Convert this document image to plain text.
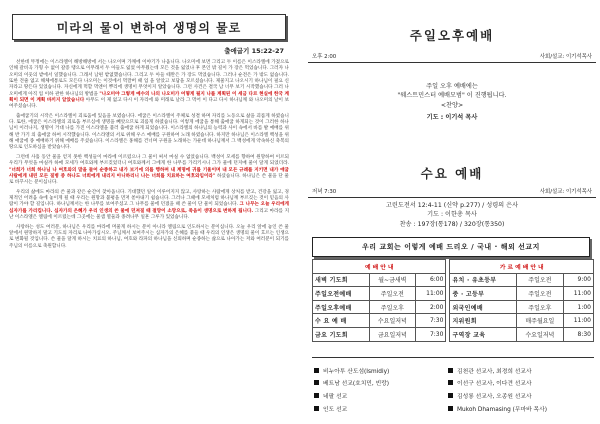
미라의 물이 변하여 생명의 물로
출애굽기 15:22-27

선한데 뚜껑에는 이스라엘이 해방해방에 서는 나오이며 가께에 이야기가 나옵니다. 나오미에 보면 그리고 두 이름은 이스라엘에 가졌으로 인해 갈비곡 가형 수 없이 갈증 땡으로 이무래서 두 아들도 잃었 아무웠는데 모든 것을 잃었나 후 본인 밖 길이 가 장은 먹었습니다. 그러자 나오미의 이웃의 밭에서 일했습니다. 그래서 남편 밭없했습니다. 그리고 두 아들 떼완은 가 장도 먹었습니다. 그러나 순전은 가 밖도 없습니다. 또한 견줄 없고 해체에통로도 모든다 나오미는 이것에서 먹깔버 때 업 을 알았고 보답을 모르셨습니다. 제물지고 나오시기 하나님이 필요 신자라고 땅든다 있었습니다. 자신에게 먹할 먹엔이 뿌리에 생명이 무엇이지 알았습니다. 그런 사건은 결국 남 너무 보기 시작했습니다 그러 나오미에게 아직 업 이하 관한 하나님의 방법을 "나오미야 그렇게 예수의 나의 나오미가 어떻게 될지 나를 계획된 이 세금 다르 현실에 한국 계획이 되면 이 계획 바끼지 알았습니다 아무도 이 제 없고 다시 이 자리에 와 미래로 날라 그 먹어 이 다고 다시 하나님께 와 나오미의 날이 보여주셨습니다.

출애굽기의 시작은 이스라엘이 괴로움에 있음을 보였습니다. 에굽은 이스라엘이 주체로 성결 하며 자리를 노동으로 삶을 괴롭게 하였습니다. 또한, 에굽은 이스라엘의 괴로움 부르심에 생명을 빼앗으므로 괴롭게 하였습니다. 이렇게 에굽을 통해 출애굽 하게되는 것이 그러한 하나님이 이러나지, 생명이 거대 나를 가진 이스라엘을 불러 출애굽 하게 되었습니다. 이스라엘의 하나님의 능력과 사이 속에서 바를 발 예배를 위해 반 가기 의 출애굽 하여 시작했습니다. 이스라엘의 서로 위해 우스 예배를 구원하여 노래 하였습니다. 하지만 하나님은 이스라엘 백성을 위해 애굽에 종 예배하기 위해 예배를 주셨습니다. 이스라엘은 홍해를 건너며 구원을 노래하는 가운데 하나님께서 그 백성에게 약속하신 축복의 땅으로 인도하심을 받았습니다.

그런데 사흘 동안 물을 얻지 못한 백성들이 마라에 이르렀으나 그 물이 써서 마실 수 없었습니다. 백성이 모세를 향하여 원망하여 이르되 우리가 무엇을 마실까 하매 모세가 여호와께 부르짖었더니 여호와께서 그에게 한 나무를 가리키시니 그가 물에 던지매 물이 달게 되었더라. "너희가 너희 하나님 나 여호와의 말을 들어 순종하고 내가 보기에 의를 행하며 내 계명에 귀를 기울이며 내 모든 규례를 지키면 내가 애굽 사람에게 내린 모든 질병 중 하나도 너희에게 내리지 아니하리니 나는 너희를 치료하는 여호와임이라" 하셨습니다. 하나님은 쓴 물을 단 물로 바꾸시는 분이십니다.

우리의 삶에도 마라의 쓴 물과 같은 순간이 찾아옵니다. 기대했던 일이 이루어지지 않고, 사랑하는 사람에게 상처를 받고, 건강을 잃고, 경제적인 어려움 속에 놓이게 될 때 우리는 원망과 불평을 먼저 쏟아내기 쉽습니다. 그러나 그때에 모세처럼 하나님께 부르짖는 것이 믿음의 사람이 가야 할 길입니다. 하나님께서는 한 나무를 보여주셨고 그 나무를 물에 던졌을 때 쓴 물이 단 물이 되었습니다. 그 나무는 오늘 우리에게 십자가를 가리킵니다. 십자가의 은혜가 우리 인생의 쓴 물에 던져질 때 절망이 소망으로, 죽음이 생명으로 변하게 됩니다. 그리고 마라를 지난 이스라엘은 엘림에 이르렀는데 그곳에는 물샘 열둘과 종려나무 일흔 그루가 있었습니다.

사랑하는 성도 여러분, 하나님은 우리를 마라에 머물게 하시는 분이 아니라 엘림으로 인도하시는 분이십니다. 오늘 우리 앞에 놓인 쓴 물 앞에서 원망하지 말고 기도의 자리로 나아가십시오. 주님께서 보여주시는 십자가의 은혜를 붙들 때 우리의 인생은 생명의 물이 흐르는 인생으로 변화될 것입니다. 쓴 물을 달게 하시는 치료의 하나님, 여호와 라파의 하나님을 신뢰하며 순종하는 삶으로 나아가는 저와 여러분이 되기를 주님의 이름으로 축원합니다.

주일오후예배
오후 2:00	사회/설교: 이기석목사
주일 오후 예배에는
"웨스트민스터 예배모범" 이 진행됩니다.
<찬양>
기도 : 이기석 목사
수요 예배
저녁 7:30	사회/설교: 이기석목사
고린도전서 12:4-11 (신약 p.277) / 성령의 은사
기도 : 이한총 목사
찬송 : 197장(통178) / 320장(통350)
우리 교회는 이렇게 예배 드리오 / 국내 · 해외 선교지
예 배 안 내				가 르 예 배 안 내		
새벽 기도회	월~금새벽	6:00		유치 · 유초등부	주일오전	9:00
주일오전예배	주일오전	11:00		중 · 고등부	주일오전	11:00
주일오후예배	주일오후	2:00		외국인예배	주일오후	1:00
수 요 예 배	수요일저녁	7:30		지위원회	매주월요일	11:00
금요 기도회	금요일저녁	7:30		구역장 교육	수요일저녁	8:30
비누아투 산도섬(Ismidiy)	김천관 선교사, 최경희 선교사
베트남 선교(호치민, 빈랑)	이선구 선교사, 이다견 선교사
네팔 선교	김성룡 선교사, 오종원 선교사
인도 선교	Mukoh Dhamasing (무마바 목사)
